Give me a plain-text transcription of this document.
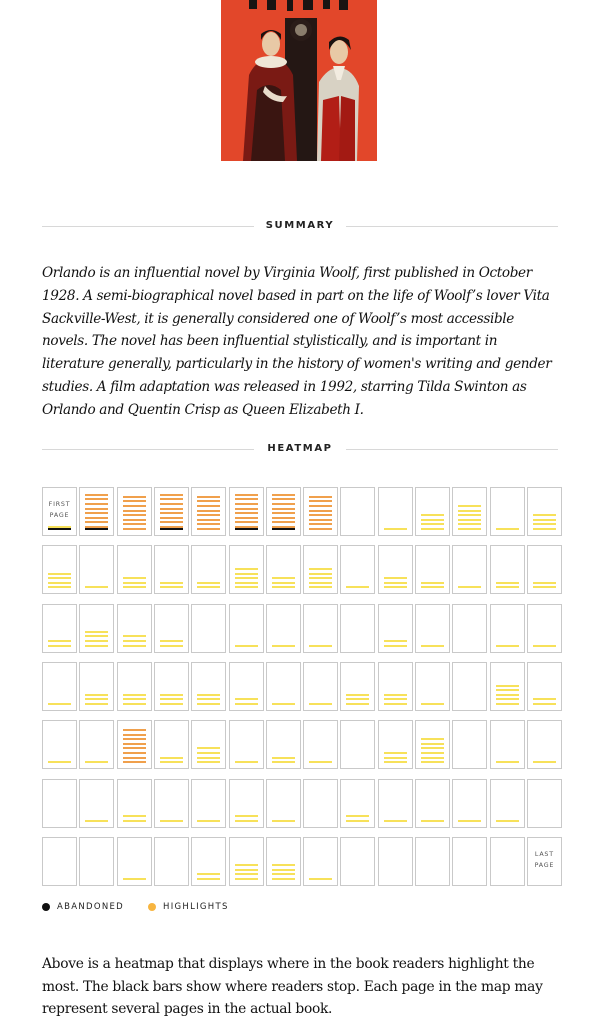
SUMMARY

Orlando is an influential novel by Virginia Woolf, first published in October 1928. A semi-biographical novel based in part on the life of Woolf’s lover Vita Sackville-West, it is generally considered one of Woolf’s most accessible novels. The novel has been influential stylistically, and is important in literature generally, particularly in the history of women's writing and gender studies. A film adaptation was released in 1992, starring Tilda Swinton as Orlando and Quentin Crisp as Queen Elizabeth I.

HEATMAP
FIRST
PAGE
LAST
PAGE
ABANDONED	HIGHLIGHTS

Above is a heatmap that displays where in the book readers highlight the most. The black bars show where readers stop. Each page in the map may represent several pages in the actual book.
